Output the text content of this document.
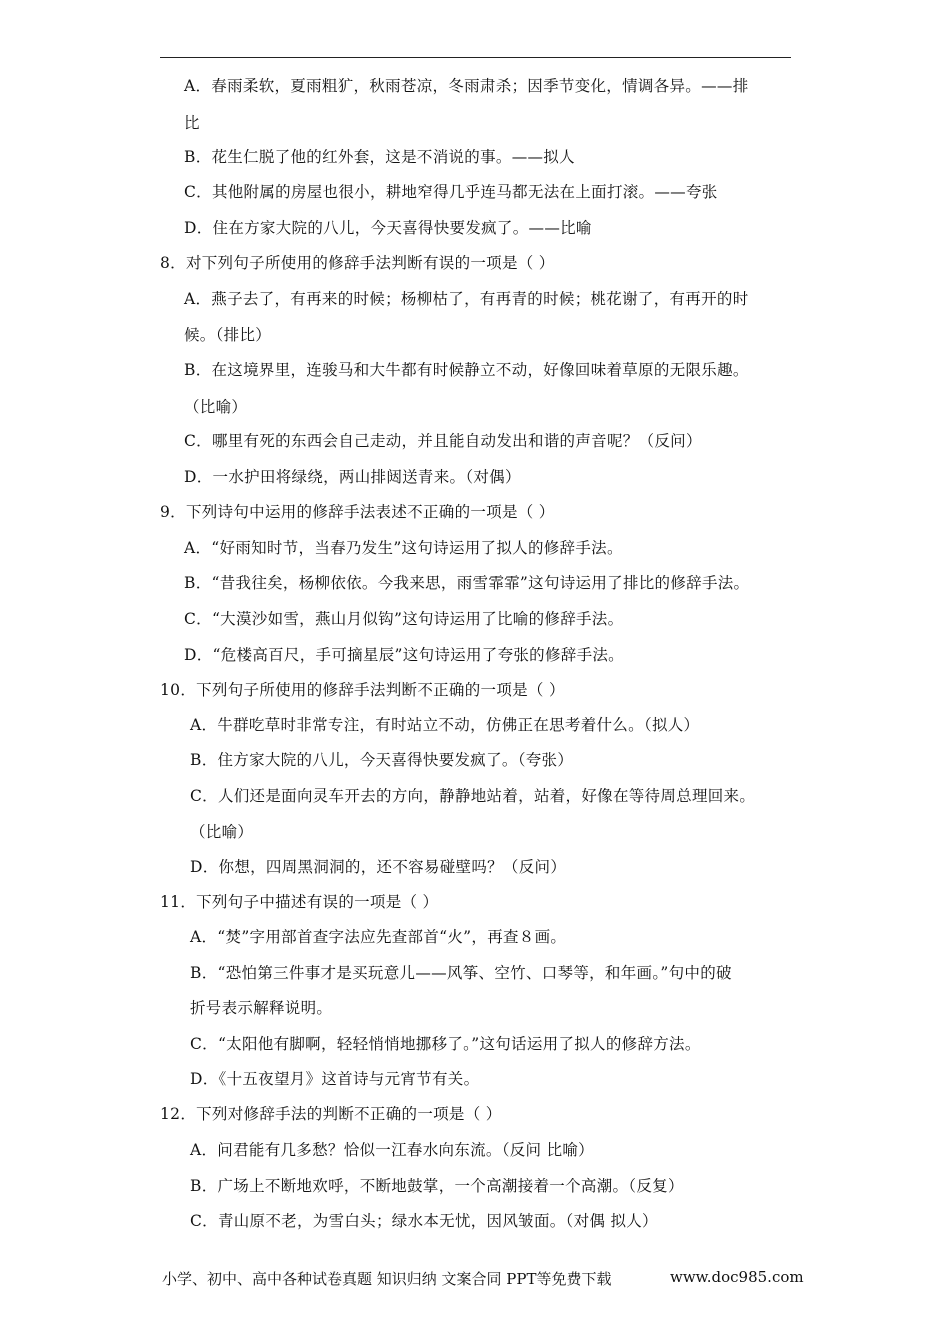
A．春雨柔软，夏雨粗犷，秋雨苍凉，冬雨肃杀；因季节变化，情调各异。——排
比
B．花生仁脱了他的红外套，这是不消说的事。——拟人
C．其他附属的房屋也很小，耕地窄得几乎连马都无法在上面打滚。——夸张
D．住在方家大院的八儿，今天喜得快要发疯了。——比喻
8．对下列句子所使用的修辞手法判断有误的一项是（ ）
A．燕子去了，有再来的时候；杨柳枯了，有再青的时候；桃花谢了，有再开的时
候。（排比）
B．在这境界里，连骏马和大牛都有时候静立不动，好像回味着草原的无限乐趣。
（比喻）
C．哪里有死的东西会自己走动，并且能自动发出和谐的声音呢？（反问）
D．一水护田将绿绕，两山排闼送青来。（对偶）
9．下列诗句中运用的修辞手法表述不正确的一项是（ ）
A．“好雨知时节，当春乃发生”这句诗运用了拟人的修辞手法。
B．“昔我往矣，杨柳依依。今我来思，雨雪霏霏”这句诗运用了排比的修辞手法。
C．“大漠沙如雪，燕山月似钩”这句诗运用了比喻的修辞手法。
D．“危楼高百尺，手可摘星辰”这句诗运用了夸张的修辞手法。
10．下列句子所使用的修辞手法判断不正确的一项是（ ）
A．牛群吃草时非常专注，有时站立不动，仿佛正在思考着什么。（拟人）
B．住方家大院的八儿，今天喜得快要发疯了。（夸张）
C．人们还是面向灵车开去的方向，静静地站着，站着，好像在等待周总理回来。
（比喻）
D．你想，四周黑洞洞的，还不容易碰壁吗？（反问）
11．下列句子中描述有误的一项是（ ）
A．“焚”字用部首查字法应先查部首“火”，再查８画。
B．“恐怕第三件事才是买玩意儿——风筝、空竹、口琴等，和年画。”句中的破
折号表示解释说明。
C．“太阳他有脚啊，轻轻悄悄地挪移了。”这句话运用了拟人的修辞方法。
D．《十五夜望月》这首诗与元宵节有关。
12．下列对修辞手法的判断不正确的一项是（ ）
A．问君能有几多愁？恰似一江春水向东流。（反问 比喻）
B．广场上不断地欢呼，不断地鼓掌，一个高潮接着一个高潮。（反复）
C．青山原不老，为雪白头；绿水本无忧，因风皱面。（对偶 拟人）
小学、初中、高中各种试卷真题 知识归纳 文案合同 PPT等免费下载	www.doc985.com
